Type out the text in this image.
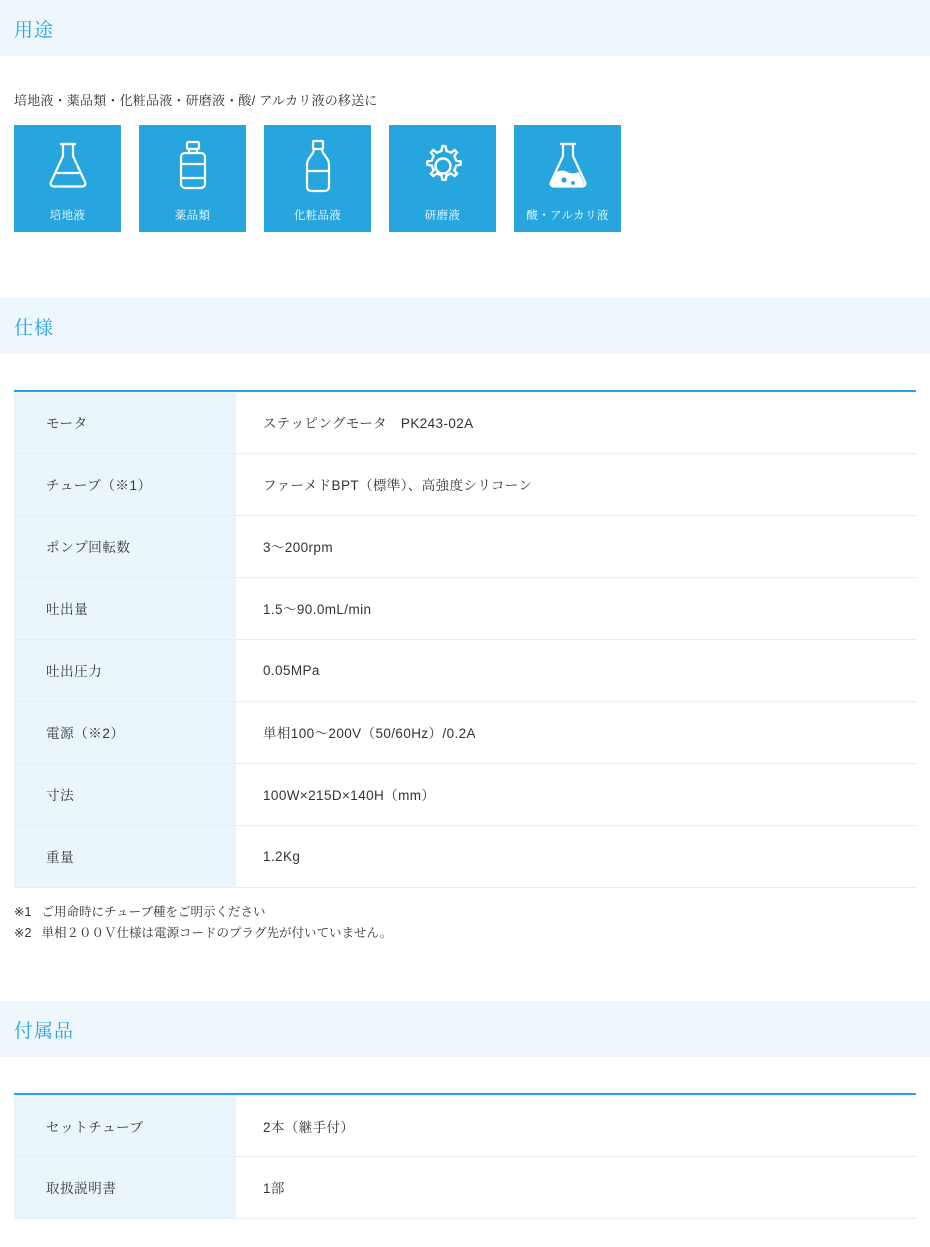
用途
培地液・薬品類・化粧品液・研磨液・酸/ アルカリ液の移送に
培地液	薬品類	化粧品液	研磨液	酸・アルカリ液
仕様
モータ	ステッピングモータ　PK243-02A
チューブ（※1）	ファーメドBPT（標準）、高強度シリコーン
ポンプ回転数	3〜200rpm
吐出量	1.5〜90.0mL/min
吐出圧力	0.05MPa
電源（※2）	単相100〜200V（50/60Hz）/0.2A
寸法	100W×215D×140H（mm）
重量	1.2Kg
※1 ご用命時にチューブ種をご明示ください
※2 単相２００Ｖ仕様は電源コードのプラグ先が付いていません。
付属品
セットチューブ	2本（継手付）
取扱説明書	1部
